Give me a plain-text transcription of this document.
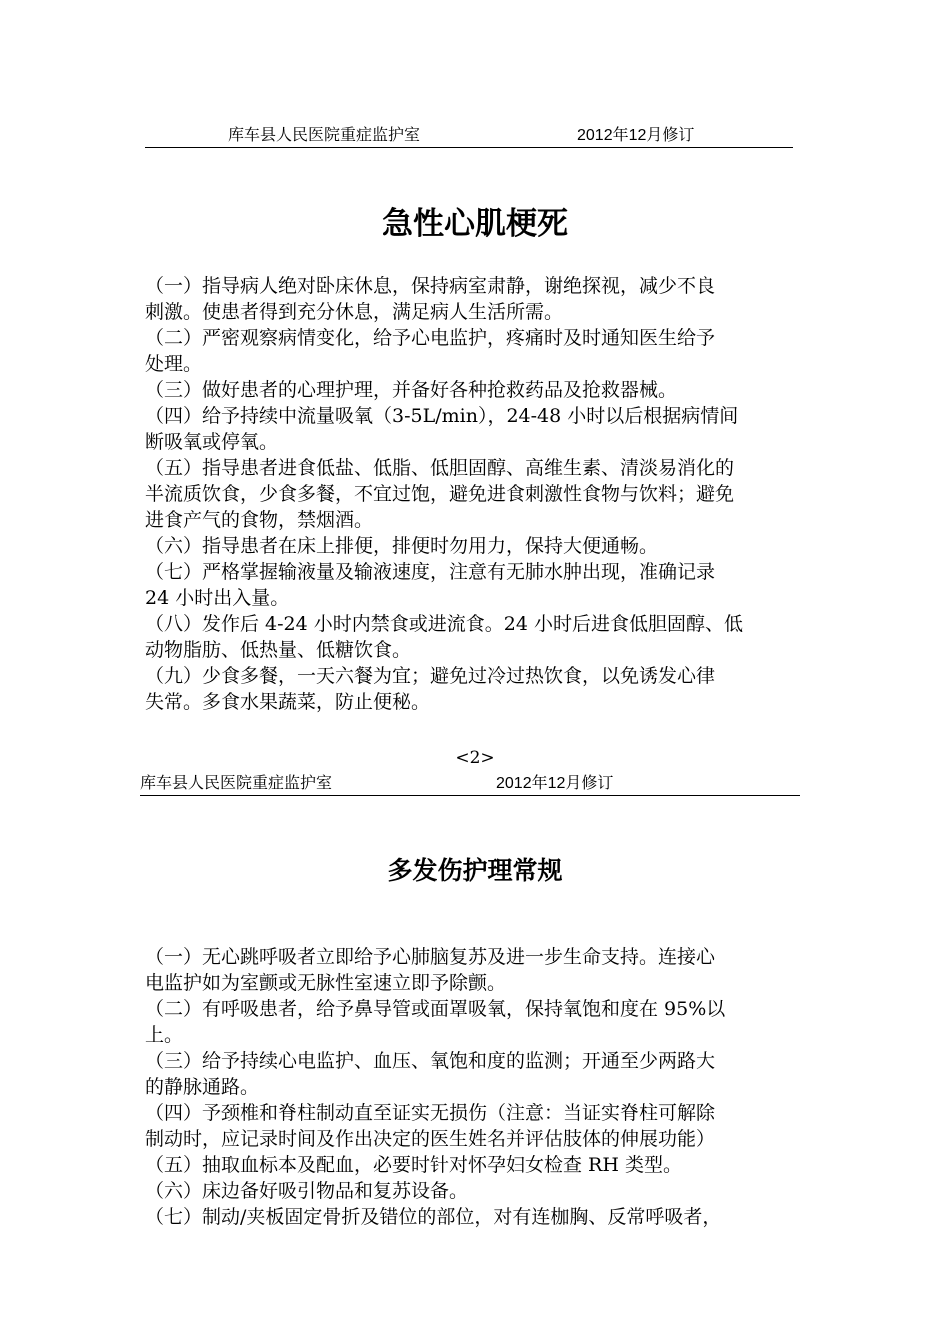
库车县人民医院重症监护室	2012年12月修订
急性心肌梗死
（一）指导病人绝对卧床休息，保持病室肃静，谢绝探视，减少不良
刺激。使患者得到充分休息，满足病人生活所需。
（二）严密观察病情变化，给予心电监护，疼痛时及时通知医生给予
处理。
（三）做好患者的心理护理，并备好各种抢救药品及抢救器械。
（四）给予持续中流量吸氧（3-5L/min），24-48 小时以后根据病情间
断吸氧或停氧。
（五）指导患者进食低盐、低脂、低胆固醇、高维生素、清淡易消化的
半流质饮食，少食多餐，不宜过饱，避免进食刺激性食物与饮料；避免
进食产气的食物，禁烟酒。
（六）指导患者在床上排便，排便时勿用力，保持大便通畅。
（七）严格掌握输液量及输液速度，注意有无肺水肿出现，准确记录
24 小时出入量。
（八）发作后 4-24 小时内禁食或进流食。24 小时后进食低胆固醇、低
动物脂肪、低热量、低糖饮食。
（九）少食多餐，一天六餐为宜；避免过冷过热饮食，以免诱发心律
失常。多食水果蔬菜，防止便秘。
<2>
库车县人民医院重症监护室	2012年12月修订
多发伤护理常规
（一）无心跳呼吸者立即给予心肺脑复苏及进一步生命支持。连接心
电监护如为室颤或无脉性室速立即予除颤。
（二）有呼吸患者，给予鼻导管或面罩吸氧，保持氧饱和度在 95%以
上。
（三）给予持续心电监护、血压、氧饱和度的监测；开通至少两路大
的静脉通路。
（四）予颈椎和脊柱制动直至证实无损伤（注意：当证实脊柱可解除
制动时，应记录时间及作出决定的医生姓名并评估肢体的伸展功能）
（五）抽取血标本及配血，必要时针对怀孕妇女检查 RH 类型。
（六）床边备好吸引物品和复苏设备。
（七）制动/夹板固定骨折及错位的部位，对有连枷胸、反常呼吸者，
